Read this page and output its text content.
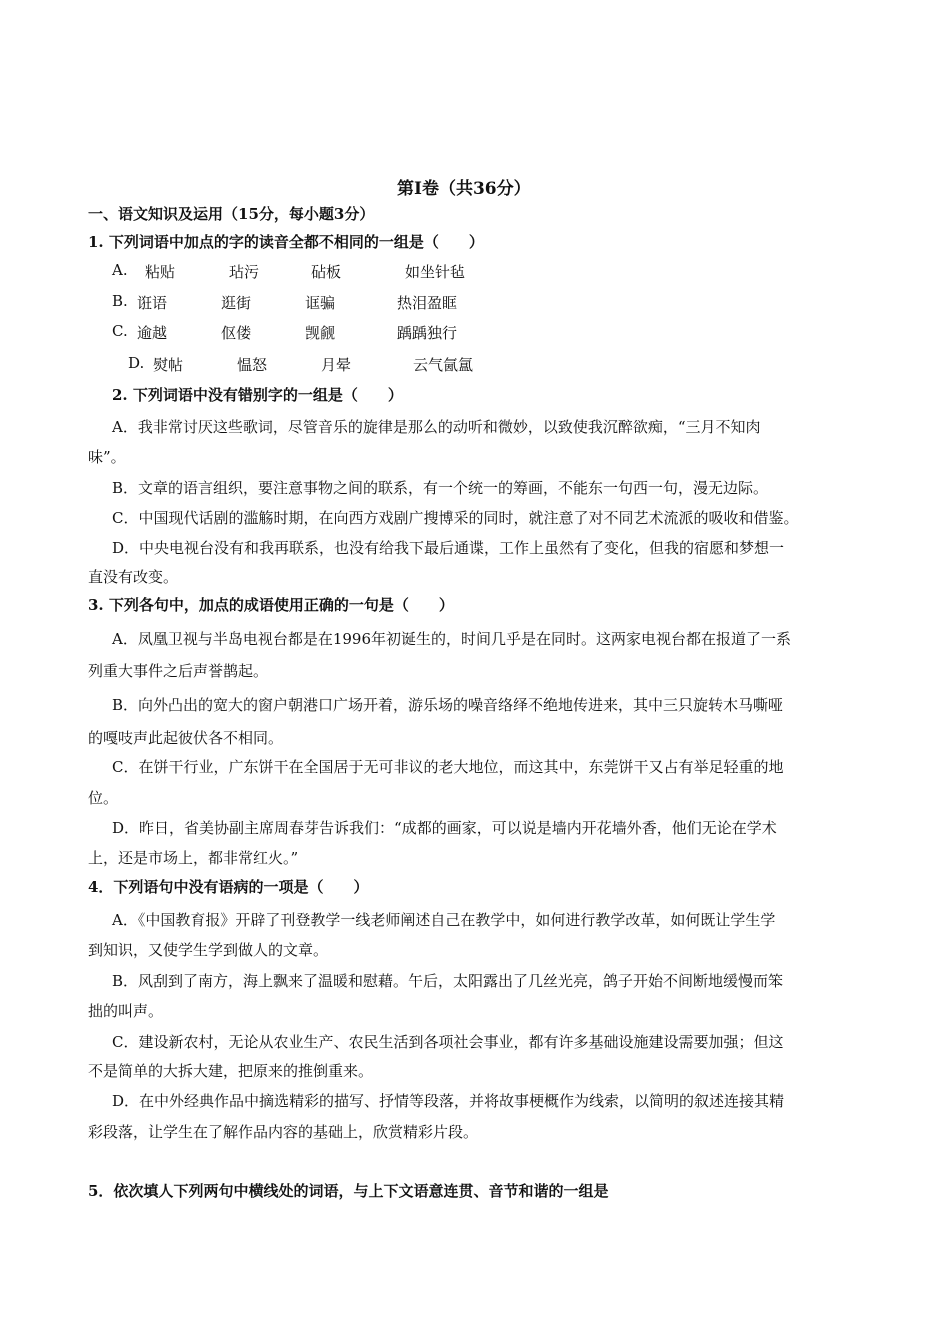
第Ⅰ卷（共36分）
一、语文知识及运用（15分，每小题3分）
1. 下列词语中加点的字的读音全都不相同的一组是（　　）
A. 粘贴	玷污	砧板	如坐针毡
B. 诳语	逛街	诓骗	热泪盈眶
C. 逾越	伛偻	觊觎	踽踽独行
D. 熨帖	愠怒	月晕	云气氤氲
2. 下列词语中没有错别字的一组是（　　）
A．我非常讨厌这些歌词，尽管音乐的旋律是那么的动听和微妙，以致使我沉醉欲痴，“三月不知肉
味”。
B．文章的语言组织，要注意事物之间的联系，有一个统一的筹画，不能东一句西一句，漫无边际。
C．中国现代话剧的滥觞时期，在向西方戏剧广搜博采的同时，就注意了对不同艺术流派的吸收和借鉴。
D．中央电视台没有和我再联系，也没有给我下最后通谍，工作上虽然有了变化，但我的宿愿和梦想一
直没有改变。
3. 下列各句中，加点的成语使用正确的一句是（　　）
A．凤凰卫视与半岛电视台都是在1996年初诞生的，时间几乎是在同时。这两家电视台都在报道了一系
列重大事件之后声誉鹊起。
B．向外凸出的宽大的窗户朝港口广场开着，游乐场的噪音络绎不绝地传进来，其中三只旋转木马嘶哑
的嘎吱声此起彼伏各不相同。
C．在饼干行业，广东饼干在全国居于无可非议的老大地位，而这其中，东莞饼干又占有举足轻重的地
位。
D．昨日，省美协副主席周春芽告诉我们：“成都的画家，可以说是墙内开花墙外香，他们无论在学术
上，还是市场上，都非常红火。”
4．下列语句中没有语病的一项是（　　）
A．《中国教育报》开辟了刊登教学一线老师阐述自己在教学中，如何进行教学改革，如何既让学生学
到知识，又使学生学到做人的文章。
B．风刮到了南方，海上飘来了温暖和慰藉。午后，太阳露出了几丝光亮，鸽子开始不间断地缓慢而笨
拙的叫声。
C．建设新农村，无论从农业生产、农民生活到各项社会事业，都有许多基础设施建设需要加强；但这
不是简单的大拆大建，把原来的推倒重来。
D．在中外经典作品中摘选精彩的描写、抒情等段落，并将故事梗概作为线索，以简明的叙述连接其精
彩段落，让学生在了解作品内容的基础上，欣赏精彩片段。
5．依次填人下列两句中横线处的词语，与上下文语意连贯、音节和谐的一组是
